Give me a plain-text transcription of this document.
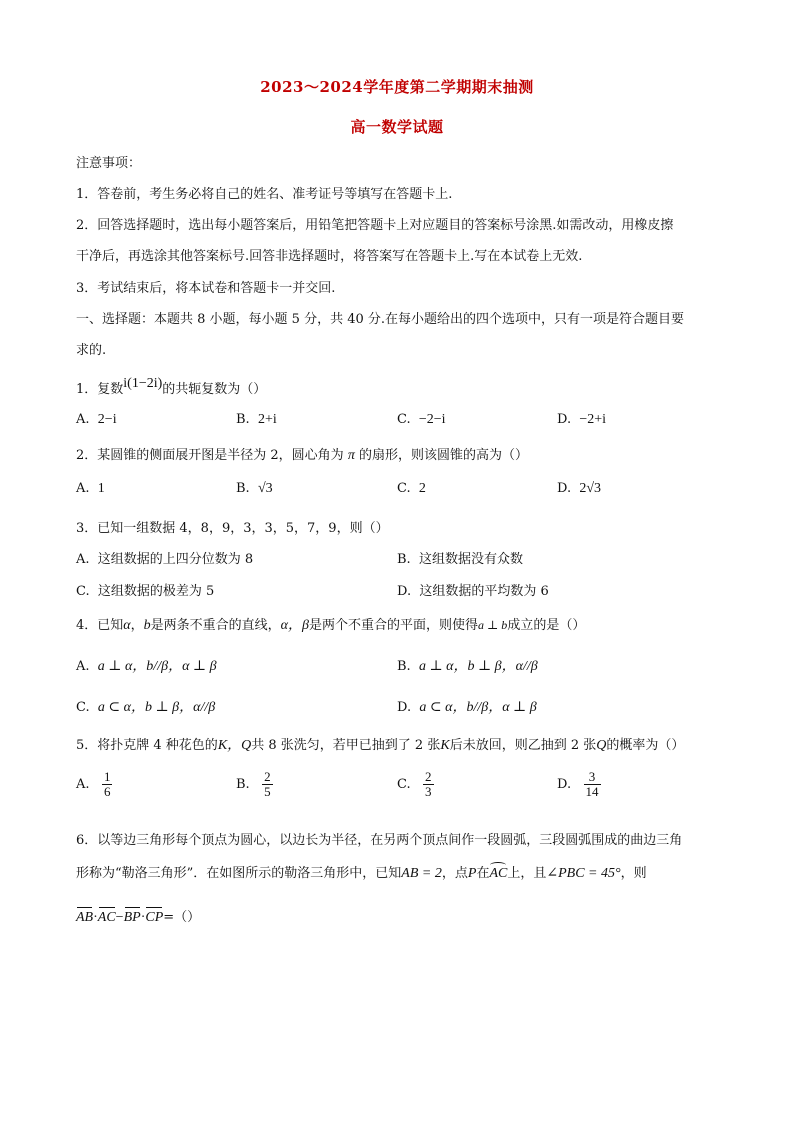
2023～2024学年度第二学期期末抽测
高一数学试题
注意事项：
1．答卷前，考生务必将自己的姓名、准考证号等填写在答题卡上.
2．回答选择题时，选出每小题答案后，用铅笔把答题卡上对应题目的答案标号涂黑.如需改动，用橡皮擦
干净后，再选涂其他答案标号.回答非选择题时，将答案写在答题卡上.写在本试卷上无效.
3．考试结束后，将本试卷和答题卡一并交回.
一、选择题：本题共 8 小题，每小题 5 分，共 40 分.在每小题给出的四个选项中，只有一项是符合题目要
求的.
1．复数i(1−2i)的共轭复数为（）
A. 2−i	B. 2+i	C. −2−i	D. −2+i
2．某圆锥的侧面展开图是半径为 2，圆心角为 π 的扇形，则该圆锥的高为（）
A. 1	B. √3	C. 2	D. 2√3
3．已知一组数据 4，8，9，3，3，5，7，9，则（）
A. 这组数据的上四分位数为 8	B. 这组数据没有众数
C. 这组数据的极差为 5	D. 这组数据的平均数为 6
4．已知α，b是两条不重合的直线，α，β是两个不重合的平面，则使得a ⊥ b成立的是（）
A. a ⊥ α，b//β，α ⊥ β	B. a ⊥ α，b ⊥ β，α//β
C. a ⊂ α，b ⊥ β，α//β	D. a ⊂ α，b//β，α ⊥ β
5．将扑克牌 4 种花色的K，Q共 8 张洗匀，若甲已抽到了 2 张K后未放回，则乙抽到 2 张Q的概率为（）
A. $\frac{1}{6}$	B. $\frac{2}{5}$	C. $\frac{2}{3}$	D. $\frac{3}{14}$
6．以等边三角形每个顶点为圆心，以边长为半径，在另两个顶点间作一段圆弧，三段圆弧围成的曲边三角
形称为“勒洛三角形”．在如图所示的勒洛三角形中，已知AB = 2，点P在AC上，且∠PBC = 45°，则
AB·AC−BP·CP=（）
